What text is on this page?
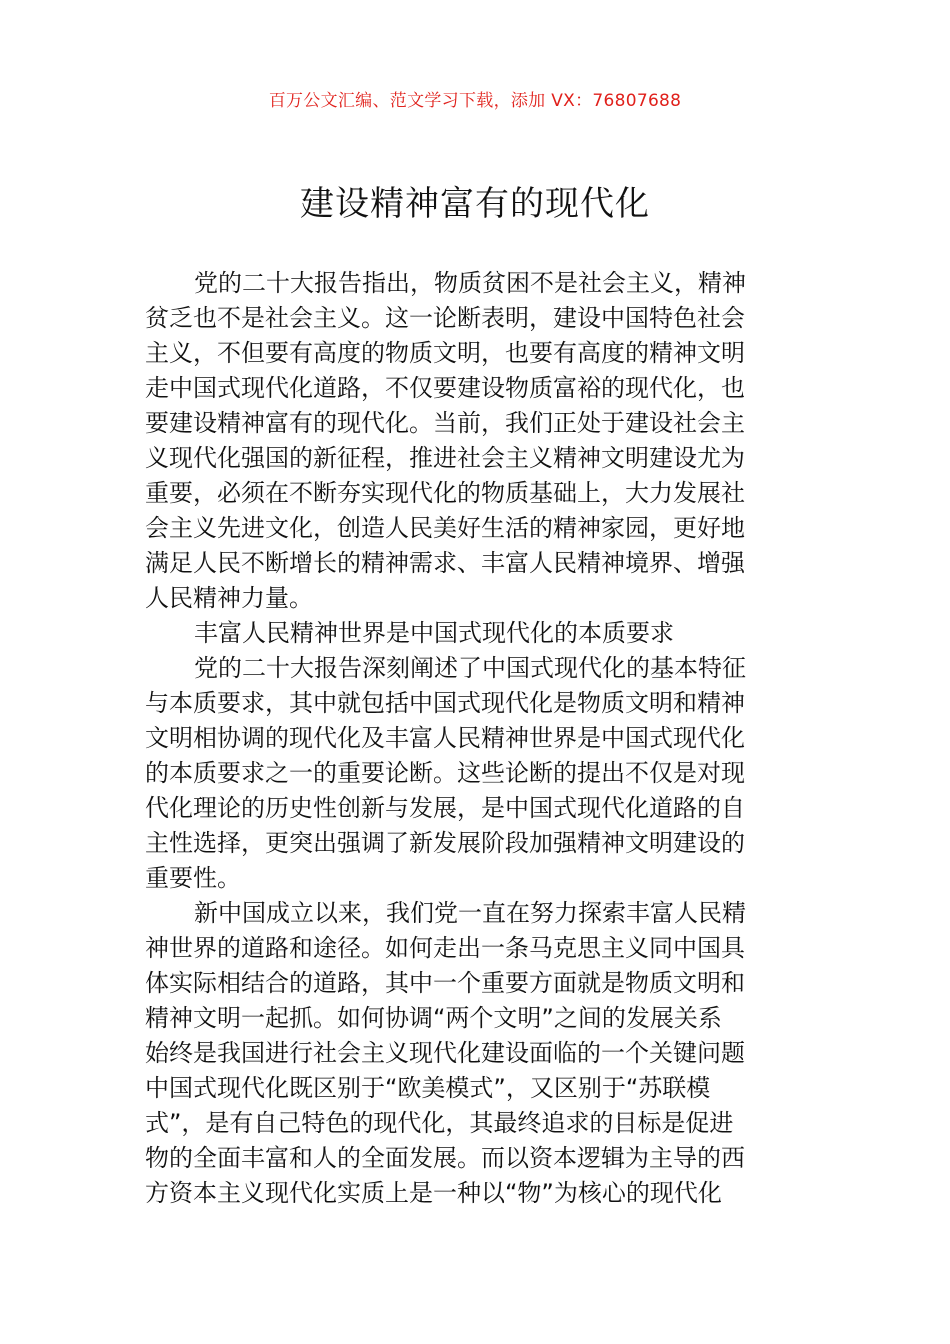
百万公文汇编、范文学习下载，添加 VX：76807688
建设精神富有的现代化
党的二十大报告指出，物质贫困不是社会主义，精神
贫乏也不是社会主义。这一论断表明，建设中国特色社会
主义，不但要有高度的物质文明，也要有高度的精神文明
走中国式现代化道路，不仅要建设物质富裕的现代化，也
要建设精神富有的现代化。当前，我们正处于建设社会主
义现代化强国的新征程，推进社会主义精神文明建设尤为
重要，必须在不断夯实现代化的物质基础上，大力发展社
会主义先进文化，创造人民美好生活的精神家园，更好地
满足人民不断增长的精神需求、丰富人民精神境界、增强
人民精神力量。
丰富人民精神世界是中国式现代化的本质要求
党的二十大报告深刻阐述了中国式现代化的基本特征
与本质要求，其中就包括中国式现代化是物质文明和精神
文明相协调的现代化及丰富人民精神世界是中国式现代化
的本质要求之一的重要论断。这些论断的提出不仅是对现
代化理论的历史性创新与发展，是中国式现代化道路的自
主性选择，更突出强调了新发展阶段加强精神文明建设的
重要性。
新中国成立以来，我们党一直在努力探索丰富人民精
神世界的道路和途径。如何走出一条马克思主义同中国具
体实际相结合的道路，其中一个重要方面就是物质文明和
精神文明一起抓。如何协调“两个文明”之间的发展关系
始终是我国进行社会主义现代化建设面临的一个关键问题
中国式现代化既区别于“欧美模式”，又区别于“苏联模
式”，是有自己特色的现代化，其最终追求的目标是促进
物的全面丰富和人的全面发展。而以资本逻辑为主导的西
方资本主义现代化实质上是一种以“物”为核心的现代化
